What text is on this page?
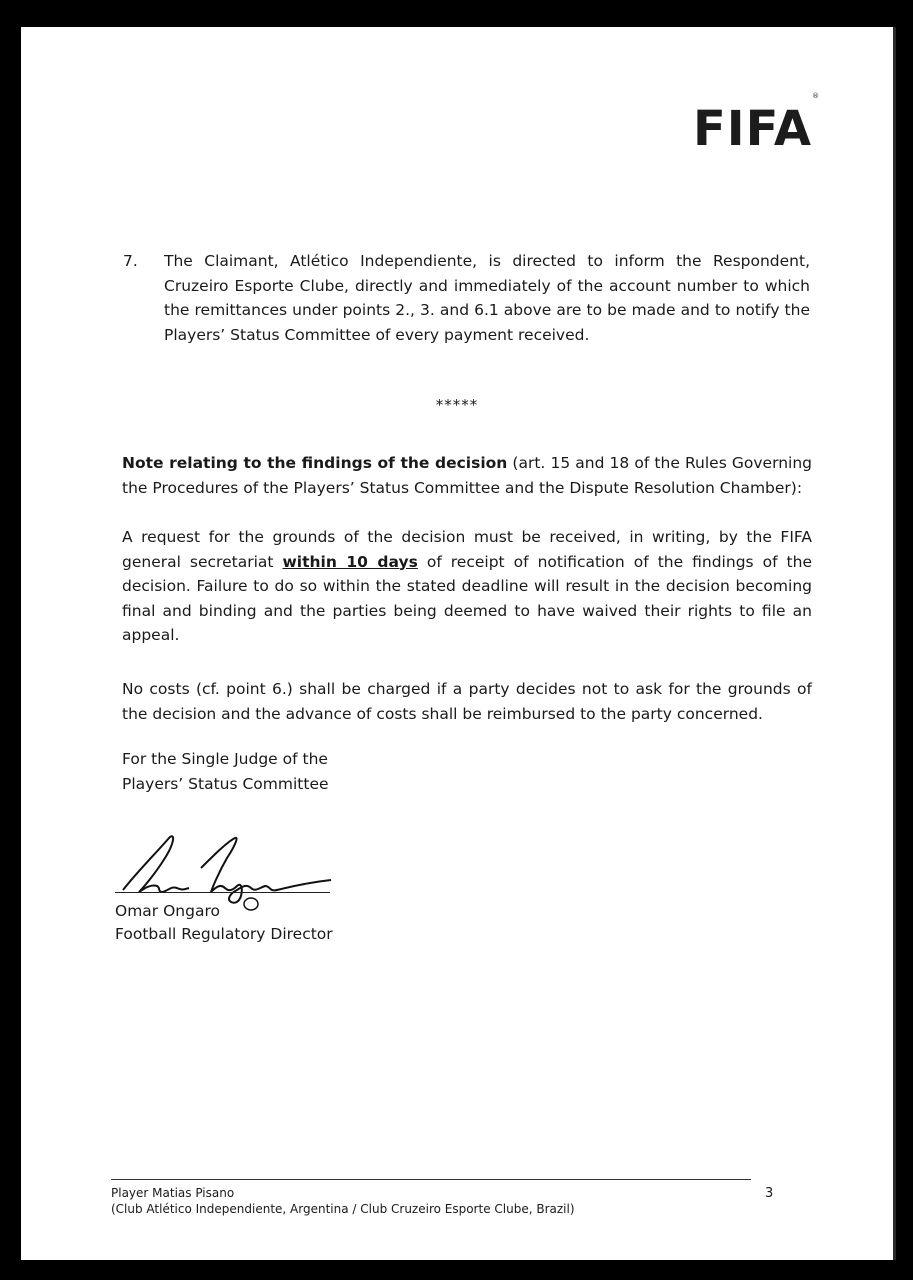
FIFA®
7. The Claimant, Atlético Independiente, is directed to inform the Respondent, Cruzeiro Esporte Clube, directly and immediately of the account number to which the remittances under points 2., 3. and 6.1 above are to be made and to notify the Players’ Status Committee of every payment received.
*****
Note relating to the findings of the decision (art. 15 and 18 of the Rules Governing the Procedures of the Players’ Status Committee and the Dispute Resolution Chamber):
A request for the grounds of the decision must be received, in writing, by the FIFA general secretariat within 10 days of receipt of notification of the findings of the decision. Failure to do so within the stated deadline will result in the decision becoming final and binding and the parties being deemed to have waived their rights to file an appeal.
No costs (cf. point 6.) shall be charged if a party decides not to ask for the grounds of the decision and the advance of costs shall be reimbursed to the party concerned.
For the Single Judge of the
Players’ Status Committee
Omar Ongaro
Football Regulatory Director
Player Matias Pisano
(Club Atlético Independiente, Argentina / Club Cruzeiro Esporte Clube, Brazil)
3
